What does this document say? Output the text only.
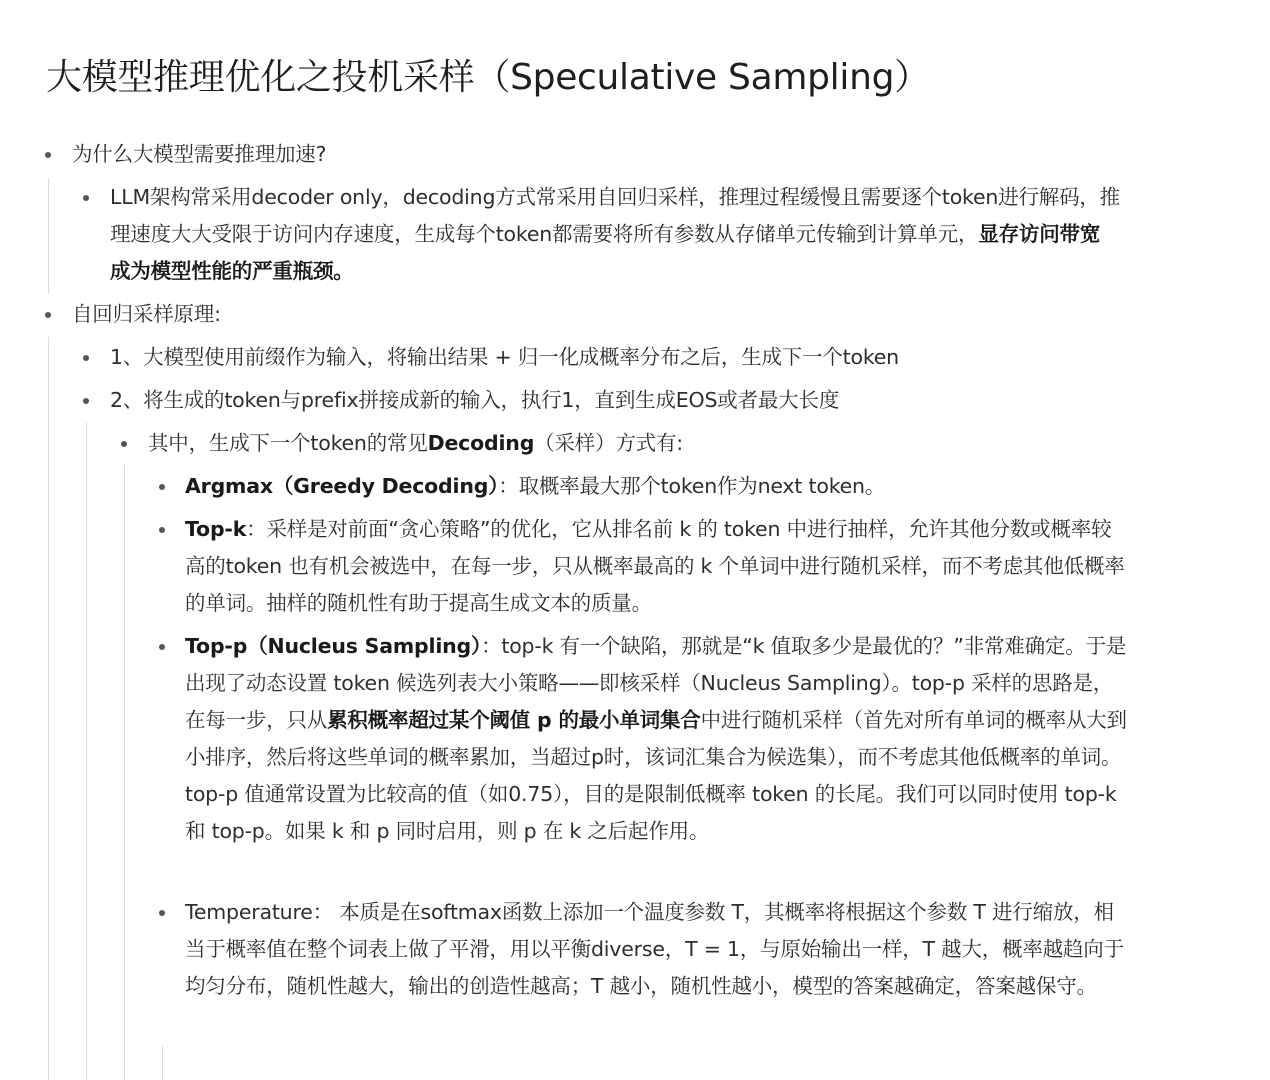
大模型推理优化之投机采样（Speculative Sampling）

为什么大模型需要推理加速?

LLM架构常采用decoder only，decoding方式常采用自回归采样，推理过程缓慢且需要逐个token进行解码，推理速度大大受限于访问内存速度，生成每个token都需要将所有参数从存储单元传输到计算单元，显存访问带宽成为模型性能的严重瓶颈。

自回归采样原理:

1、大模型使用前缀作为输入，将输出结果 + 归一化成概率分布之后，生成下一个token

2、将生成的token与prefix拼接成新的输入，执行1，直到生成EOS或者最大长度

其中，生成下一个token的常见Decoding（采样）方式有:

Argmax（Greedy Decoding）：取概率最大那个token作为next token。

Top-k：采样是对前面“贪心策略”的优化，它从排名前 k 的 token 中进行抽样，允许其他分数或概率较高的token 也有机会被选中，在每一步，只从概率最高的 k 个单词中进行随机采样，而不考虑其他低概率的单词。抽样的随机性有助于提高生成文本的质量。

Top-p（Nucleus Sampling）：top-k 有一个缺陷，那就是“k 值取多少是最优的？”非常难确定。于是出现了动态设置 token 候选列表大小策略——即核采样（Nucleus Sampling）。top-p 采样的思路是，在每一步，只从累积概率超过某个阈值 p 的最小单词集合中进行随机采样（首先对所有单词的概率从大到小排序，然后将这些单词的概率累加，当超过p时，该词汇集合为候选集），而不考虑其他低概率的单词。top-p 值通常设置为比较高的值（如0.75），目的是限制低概率 token 的长尾。我们可以同时使用 top-k 和 top-p。如果 k 和 p 同时启用，则 p 在 k 之后起作用。

Temperature： 本质是在softmax函数上添加一个温度参数 T，其概率将根据这个参数 T 进行缩放，相当于概率值在整个词表上做了平滑，用以平衡diverse，T = 1，与原始输出一样，T 越大，概率越趋向于均匀分布，随机性越大，输出的创造性越高；T 越小，随机性越小，模型的答案越确定，答案越保守。
